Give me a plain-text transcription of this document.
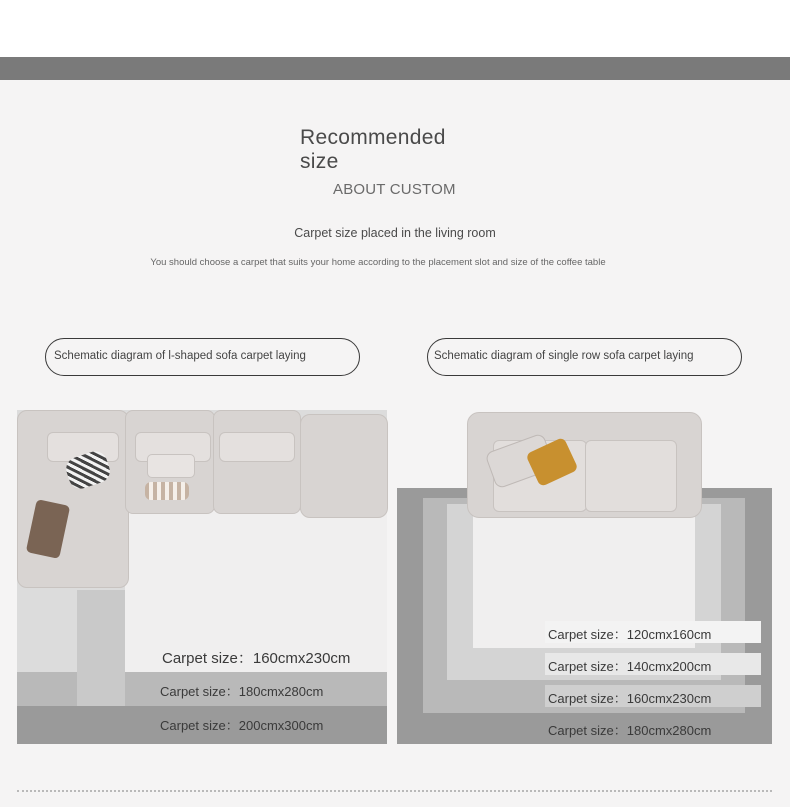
Recommended size
ABOUT CUSTOM
Carpet size placed in the living room
You should choose a carpet that suits your home according to the placement slot and size of the coffee table
Schematic diagram of l-shaped sofa carpet laying	Schematic diagram of single row sofa carpet laying
Carpet size：160cmx230cm
Carpet size：180cmx280cm
Carpet size：200cmx300cm
Carpet size：120cmx160cm
Carpet size：140cmx200cm
Carpet size：160cmx230cm
Carpet size：180cmx280cm
